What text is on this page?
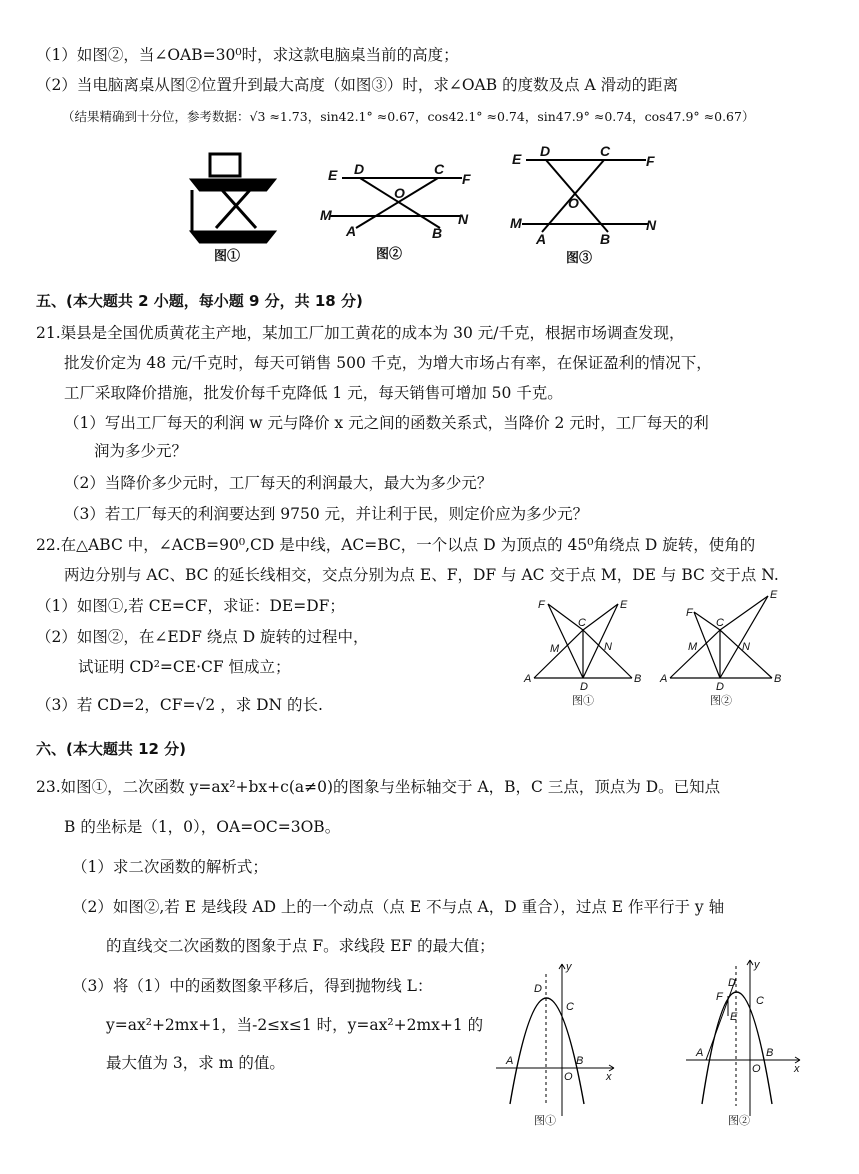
（1）如图②，当∠OAB=30⁰时，求这款电脑桌当前的高度；
（2）当电脑离桌从图②位置升到最大高度（如图③）时，求∠OAB 的度数及点 A 滑动的距离
（结果精确到十分位，参考数据：√3 ≈1.73，sin42.1° ≈0.67，cos42.1° ≈0.74，sin47.9° ≈0.74，cos47.9° ≈0.67）
图①
E D	C
F
O
M
A	B
N
图②
E D	C
F
O
M
A	B
N
图③
五、(本大题共 2 小题，每小题 9 分，共 18 分)
21.渠县是全国优质黄花主产地，某加工厂加工黄花的成本为 30 元/千克，根据市场调查发现，
批发价定为 48 元/千克时，每天可销售 500 千克，为增大市场占有率，在保证盈利的情况下，
工厂采取降价措施，批发价每千克降低 1 元，每天销售可增加 50 千克。
（1）写出工厂每天的利润 w 元与降价 x 元之间的函数关系式，当降价 2 元时，工厂每天的利
润为多少元？
（2）当降价多少元时，工厂每天的利润最大，最大为多少元？
（3）若工厂每天的利润要达到 9750 元，并让利于民，则定价应为多少元？
22.在△ABC 中，∠ACB=90⁰,CD 是中线，AC=BC，一个以点 D 为顶点的 45⁰角绕点 D 旋转，使角的
两边分别与 AC、BC 的延长线相交，交点分别为点 E、F，DF 与 AC 交于点 M，DE 与 BC 交于点 N.
（1）如图①,若 CE=CF，求证：DE=DF；
（2）如图②，在∠EDF 绕点 D 旋转的过程中，
试证明 CD²=CE·CF 恒成立；
（3）若 CD=2，CF=√2 ，求 DN 的长.
F	E
C
M	N
A
D
B
图①
F
E
C
M	N
A
D
B
图②
六、(本大题共 12 分)
23.如图①，二次函数 y=ax²+bx+c(a≠0)的图象与坐标轴交于 A，B，C 三点，顶点为 D。已知点
B 的坐标是（1，0），OA=OC=3OB。
（1）求二次函数的解析式；
（2）如图②,若 E 是线段 AD 上的一个动点（点 E 不与点 A，D 重合），过点 E 作平行于 y 轴
的直线交二次函数的图象于点 F。求线段 EF 的最大值；
（3）将（1）中的函数图象平移后，得到抛物线 L：
y=ax²+2mx+1，当-2≤x≤1 时，y=ax²+2mx+1 的
最大值为 3，求 m 的值。
y
x
D
C
A	B
O
图①
y
x
D
C
F
E
A	B
O
图②
